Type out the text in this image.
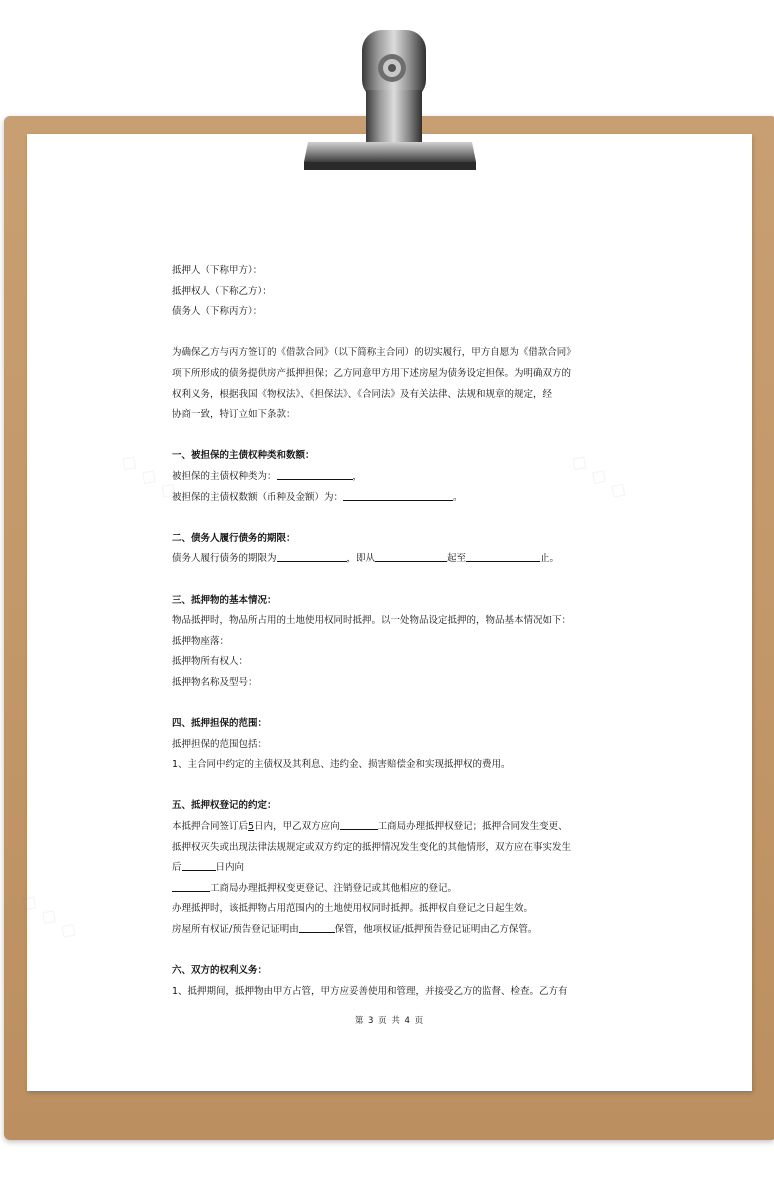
◇ ◇ ◇	◇ ◇ ◇
◇ ◇ ◇

抵押人（下称甲方）：

抵押权人（下称乙方）：

债务人（下称丙方）：

为确保乙方与丙方签订的《借款合同》（以下简称主合同）的切实履行，甲方自愿为《借款合同》

项下所形成的债务提供房产抵押担保；乙方同意甲方用下述房屋为债务设定担保。为明确双方的

权利义务，根据我国《物权法》、《担保法》、《合同法》及有关法律、法规和规章的规定，经

协商一致，特订立如下条款：

一、被担保的主债权种类和数额：

被担保的主债权种类为：	，

被担保的主债权数额（币种及金额）为：	。

二、债务人履行债务的期限：

债务人履行债务的期限为	，即从	起至	止。

三、抵押物的基本情况：

物品抵押时，物品所占用的土地使用权同时抵押。以一处物品设定抵押的，物品基本情况如下：

抵押物座落：

抵押物所有权人：

抵押物名称及型号：

四、抵押担保的范围：

抵押担保的范围包括：

1、主合同中约定的主债权及其利息、违约金、损害赔偿金和实现抵押权的费用。

五、抵押权登记的约定：

本抵押合同签订后5日内，甲乙双方应向	工商局办理抵押权登记；抵押合同发生变更、

抵押权灭失或出现法律法规规定或双方约定的抵押情况发生变化的其他情形，双方应在事实发生

后	日内向

工商局办理抵押权变更登记、注销登记或其他相应的登记。

办理抵押时，该抵押物占用范围内的土地使用权同时抵押。抵押权自登记之日起生效。

房屋所有权证/预告登记证明由	保管，他项权证/抵押预告登记证明由乙方保管。

六、双方的权利义务：

1、抵押期间，抵押物由甲方占管，甲方应妥善使用和管理，并接受乙方的监督、检查。乙方有

第 3 页 共 4 页
